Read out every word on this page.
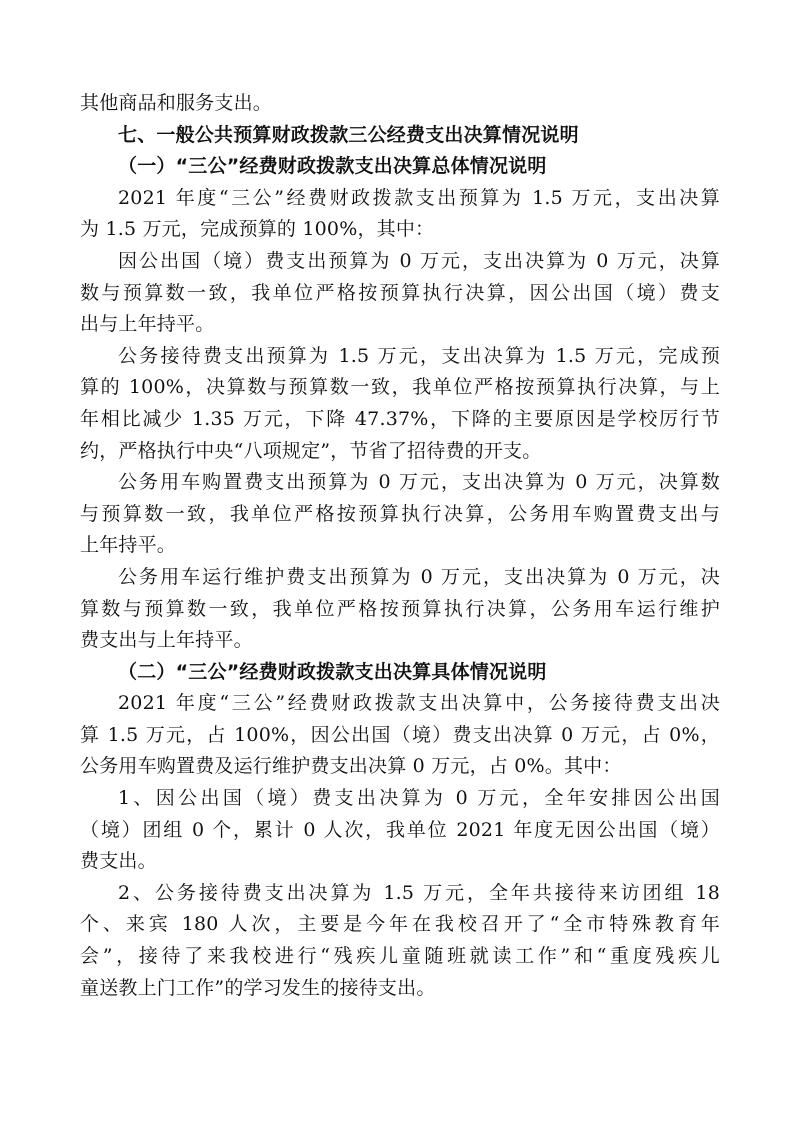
其他商品和服务支出。
七、一般公共预算财政拨款三公经费支出决算情况说明
（一）“三公”经费财政拨款支出决算总体情况说明
2021 年度“三公”经费财政拨款支出预算为 1.5 万元，支出决算
为 1.5 万元，完成预算的 100%，其中：
因公出国（境）费支出预算为 0 万元，支出决算为 0 万元，决算
数与预算数一致，我单位严格按预算执行决算，因公出国（境）费支
出与上年持平。
公务接待费支出预算为 1.5 万元，支出决算为 1.5 万元，完成预
算的 100%，决算数与预算数一致，我单位严格按预算执行决算，与上
年相比减少 1.35 万元，下降 47.37%，下降的主要原因是学校厉行节
约，严格执行中央“八项规定”，节省了招待费的开支。
公务用车购置费支出预算为 0 万元，支出决算为 0 万元，决算数
与预算数一致，我单位严格按预算执行决算，公务用车购置费支出与
上年持平。
公务用车运行维护费支出预算为 0 万元，支出决算为 0 万元，决
算数与预算数一致，我单位严格按预算执行决算，公务用车运行维护
费支出与上年持平。
（二）“三公”经费财政拨款支出决算具体情况说明
2021 年度“三公”经费财政拨款支出决算中，公务接待费支出决
算 1.5 万元，占 100%，因公出国（境）费支出决算 0 万元，占 0%，
公务用车购置费及运行维护费支出决算 0 万元，占 0%。其中：
1、因公出国（境）费支出决算为 0 万元，全年安排因公出国
（境）团组 0 个，累计 0 人次，我单位 2021 年度无因公出国（境）
费支出。
2、公务接待费支出决算为 1.5 万元，全年共接待来访团组 18
个、来宾 180 人次，主要是今年在我校召开了“全市特殊教育年
会”，接待了来我校进行“残疾儿童随班就读工作”和“重度残疾儿
童送教上门工作”的学习发生的接待支出。
